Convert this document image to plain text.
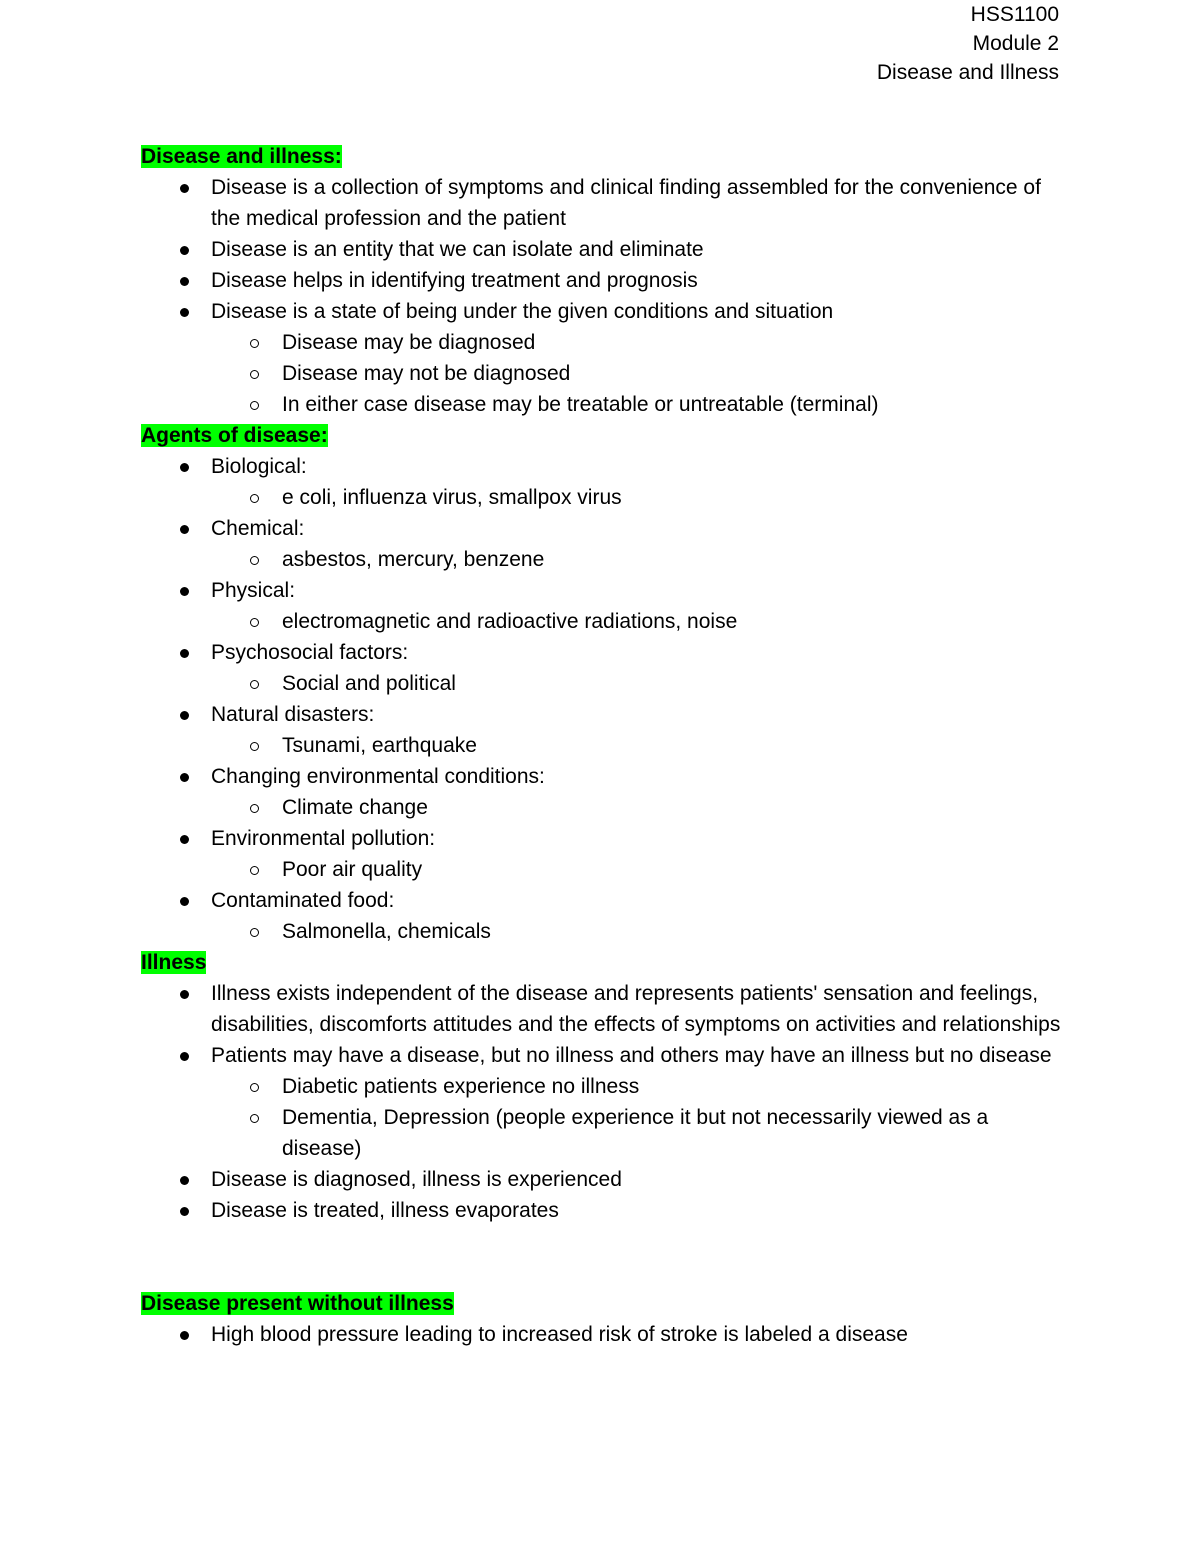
HSS1100
Module 2
Disease and Illness
Disease and illness:
Disease is a collection of symptoms and clinical finding assembled for the convenience of the medical profession and the patient
Disease is an entity that we can isolate and eliminate
Disease helps in identifying treatment and prognosis
Disease is a state of being under the given conditions and situation
Disease may be diagnosed
Disease may not be diagnosed
In either case disease may be treatable or untreatable (terminal)
Agents of disease:
Biological:
e coli, influenza virus, smallpox virus
Chemical:
asbestos, mercury, benzene
Physical:
electromagnetic and radioactive radiations, noise
Psychosocial factors:
Social and political
Natural disasters:
Tsunami, earthquake
Changing environmental conditions:
Climate change
Environmental pollution:
Poor air quality
Contaminated food:
Salmonella, chemicals
Illness
Illness exists independent of the disease and represents patients' sensation and feelings, disabilities, discomforts attitudes and the effects of symptoms on activities and relationships
Patients may have a disease, but no illness and others may have an illness but no disease
Diabetic patients experience no illness
Dementia, Depression (people experience it but not necessarily viewed as a disease)
Disease is diagnosed, illness is experienced
Disease is treated, illness evaporates
Disease present without illness
High blood pressure leading to increased risk of stroke is labeled a disease
